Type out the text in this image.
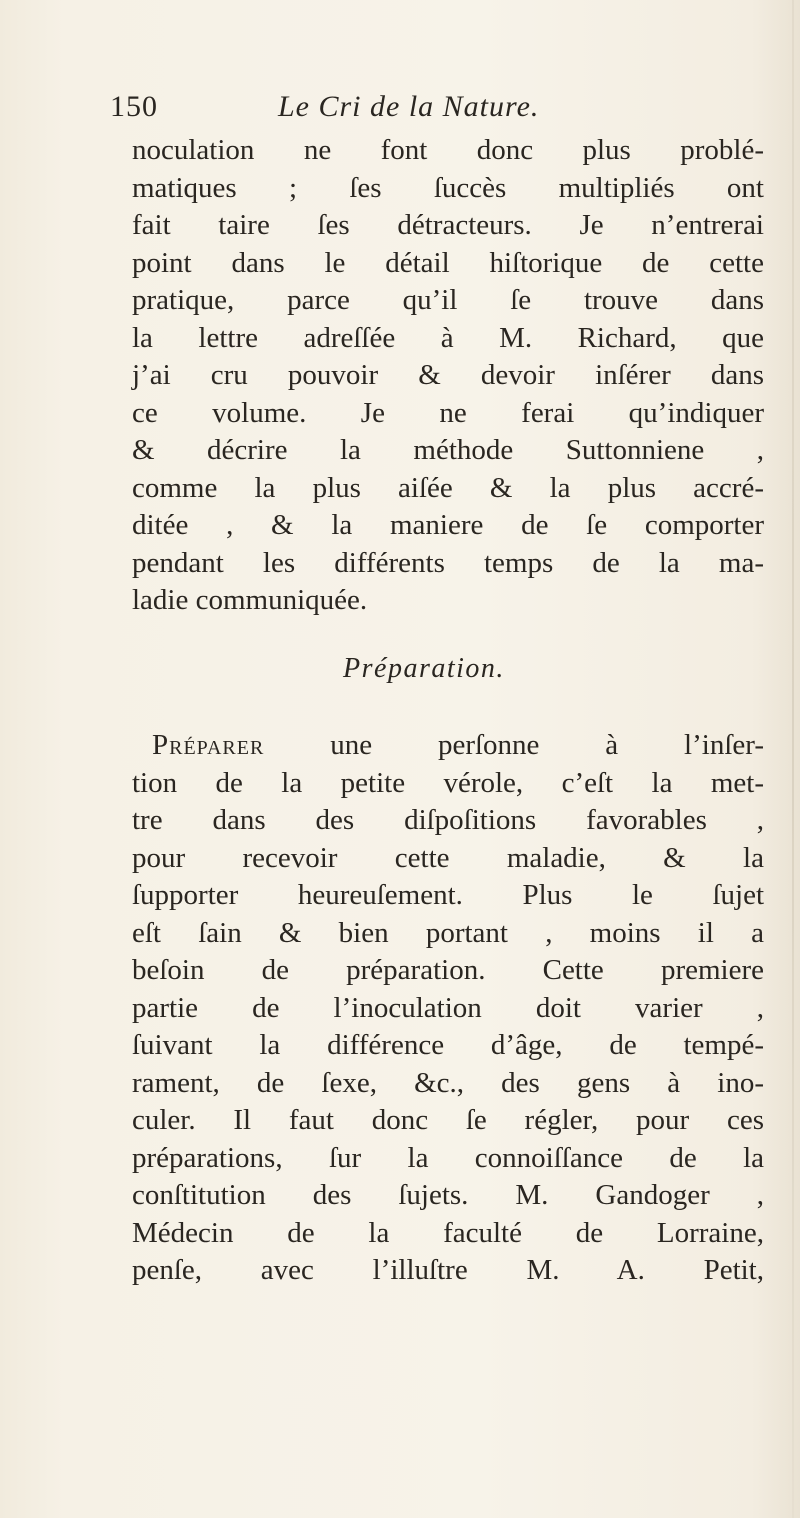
150	Le Cri de la Nature.
noculation ne font donc plus problé-
matiques ; ſes ſuccès multipliés ont
fait taire ſes détracteurs. Je n’entrerai
point dans le détail hiſtorique de cette
pratique, parce qu’il ſe trouve dans
la lettre adreſſée à M. Richard, que
j’ai cru pouvoir & devoir inſérer dans
ce volume. Je ne ferai qu’indiquer
& décrire la méthode Suttonniene ,
comme la plus aiſée & la plus accré-
ditée , & la maniere de ſe comporter
pendant les différents temps de la ma-
ladie communiquée.
Préparation.
Préparer une perſonne à l’inſer-
tion de la petite vérole, c’eſt la met-
tre dans des diſpoſitions favorables ,
pour recevoir cette maladie, & la
ſupporter heureuſement. Plus le ſujet
eſt ſain & bien portant , moins il a
beſoin de préparation. Cette premiere
partie de l’inoculation doit varier ,
ſuivant la différence d’âge, de tempé-
rament, de ſexe, &c., des gens à ino-
culer. Il faut donc ſe régler, pour ces
préparations, ſur la connoiſſance de la
conſtitution des ſujets. M. Gandoger ,
Médecin de la faculté de Lorraine,
penſe, avec l’illuſtre M. A. Petit,
